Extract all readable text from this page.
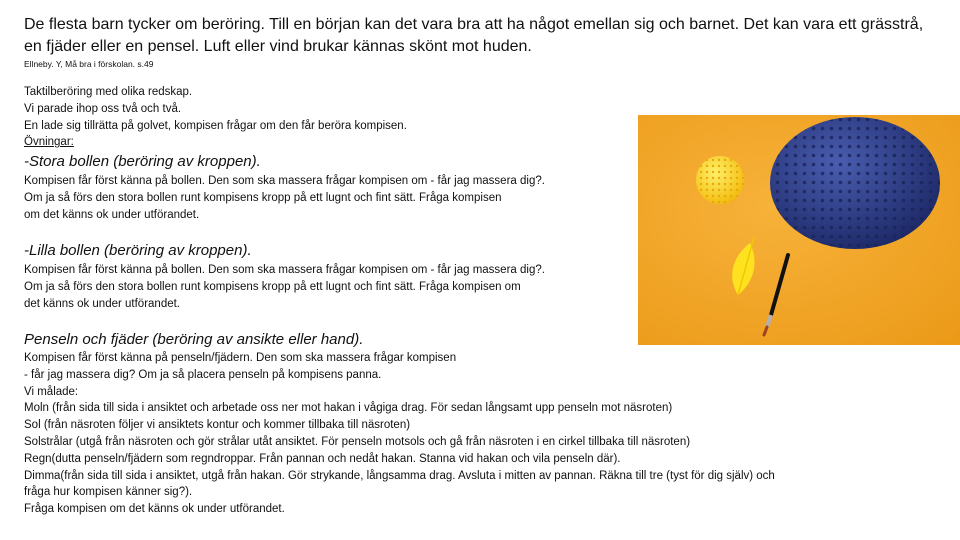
De flesta barn tycker om beröring. Till en början kan det vara bra att ha något emellan sig och barnet. Det kan vara ett grässtrå, en fjäder eller en pensel. Luft eller vind brukar kännas skönt mot huden.

Ellneby. Y, Må bra i förskolan. s.49

Taktilberöring med olika redskap.
Vi parade ihop oss två och två.
En lade sig tillrätta på golvet, kompisen frågar om den får beröra kompisen.
Övningar:

-Stora bollen (beröring av kroppen).

Kompisen får först känna på bollen. Den som ska massera frågar kompisen om - får jag massera dig?.
Om ja så förs den stora bollen runt kompisens kropp på ett lugnt och fint sätt. Fråga kompisen
om det känns ok under utförandet.

-Lilla bollen (beröring av kroppen).

Kompisen får först känna på bollen. Den som ska massera frågar kompisen om - får jag massera dig?.
Om ja så förs den stora bollen runt kompisens kropp på ett lugnt och fint sätt. Fråga kompisen om
det känns ok under utförandet.

Penseln och fjäder (beröring av ansikte eller hand).

Kompisen får först känna på penseln/fjädern. Den som ska massera frågar kompisen
- får jag massera dig? Om ja så placera penseln på kompisens panna.
Vi målade:
Moln (från sida till sida i ansiktet och arbetade oss ner mot hakan i vågiga drag. För sedan långsamt upp penseln mot näsroten)
Sol (från näsroten följer vi ansiktets kontur och kommer tillbaka till näsroten)
Solstrålar (utgå från näsroten och gör strålar utåt ansiktet. För penseln motsols och gå från näsroten i en cirkel tillbaka till näsroten)
Regn(dutta penseln/fjädern som regndroppar. Från pannan och nedåt hakan. Stanna vid hakan och vila penseln där).
Dimma(från sida till sida i ansiktet, utgå från hakan. Gör strykande, långsamma drag. Avsluta i mitten av pannan. Räkna till tre (tyst för dig själv) och
fråga hur kompisen känner sig?).
Fråga kompisen om det känns ok under utförandet.
